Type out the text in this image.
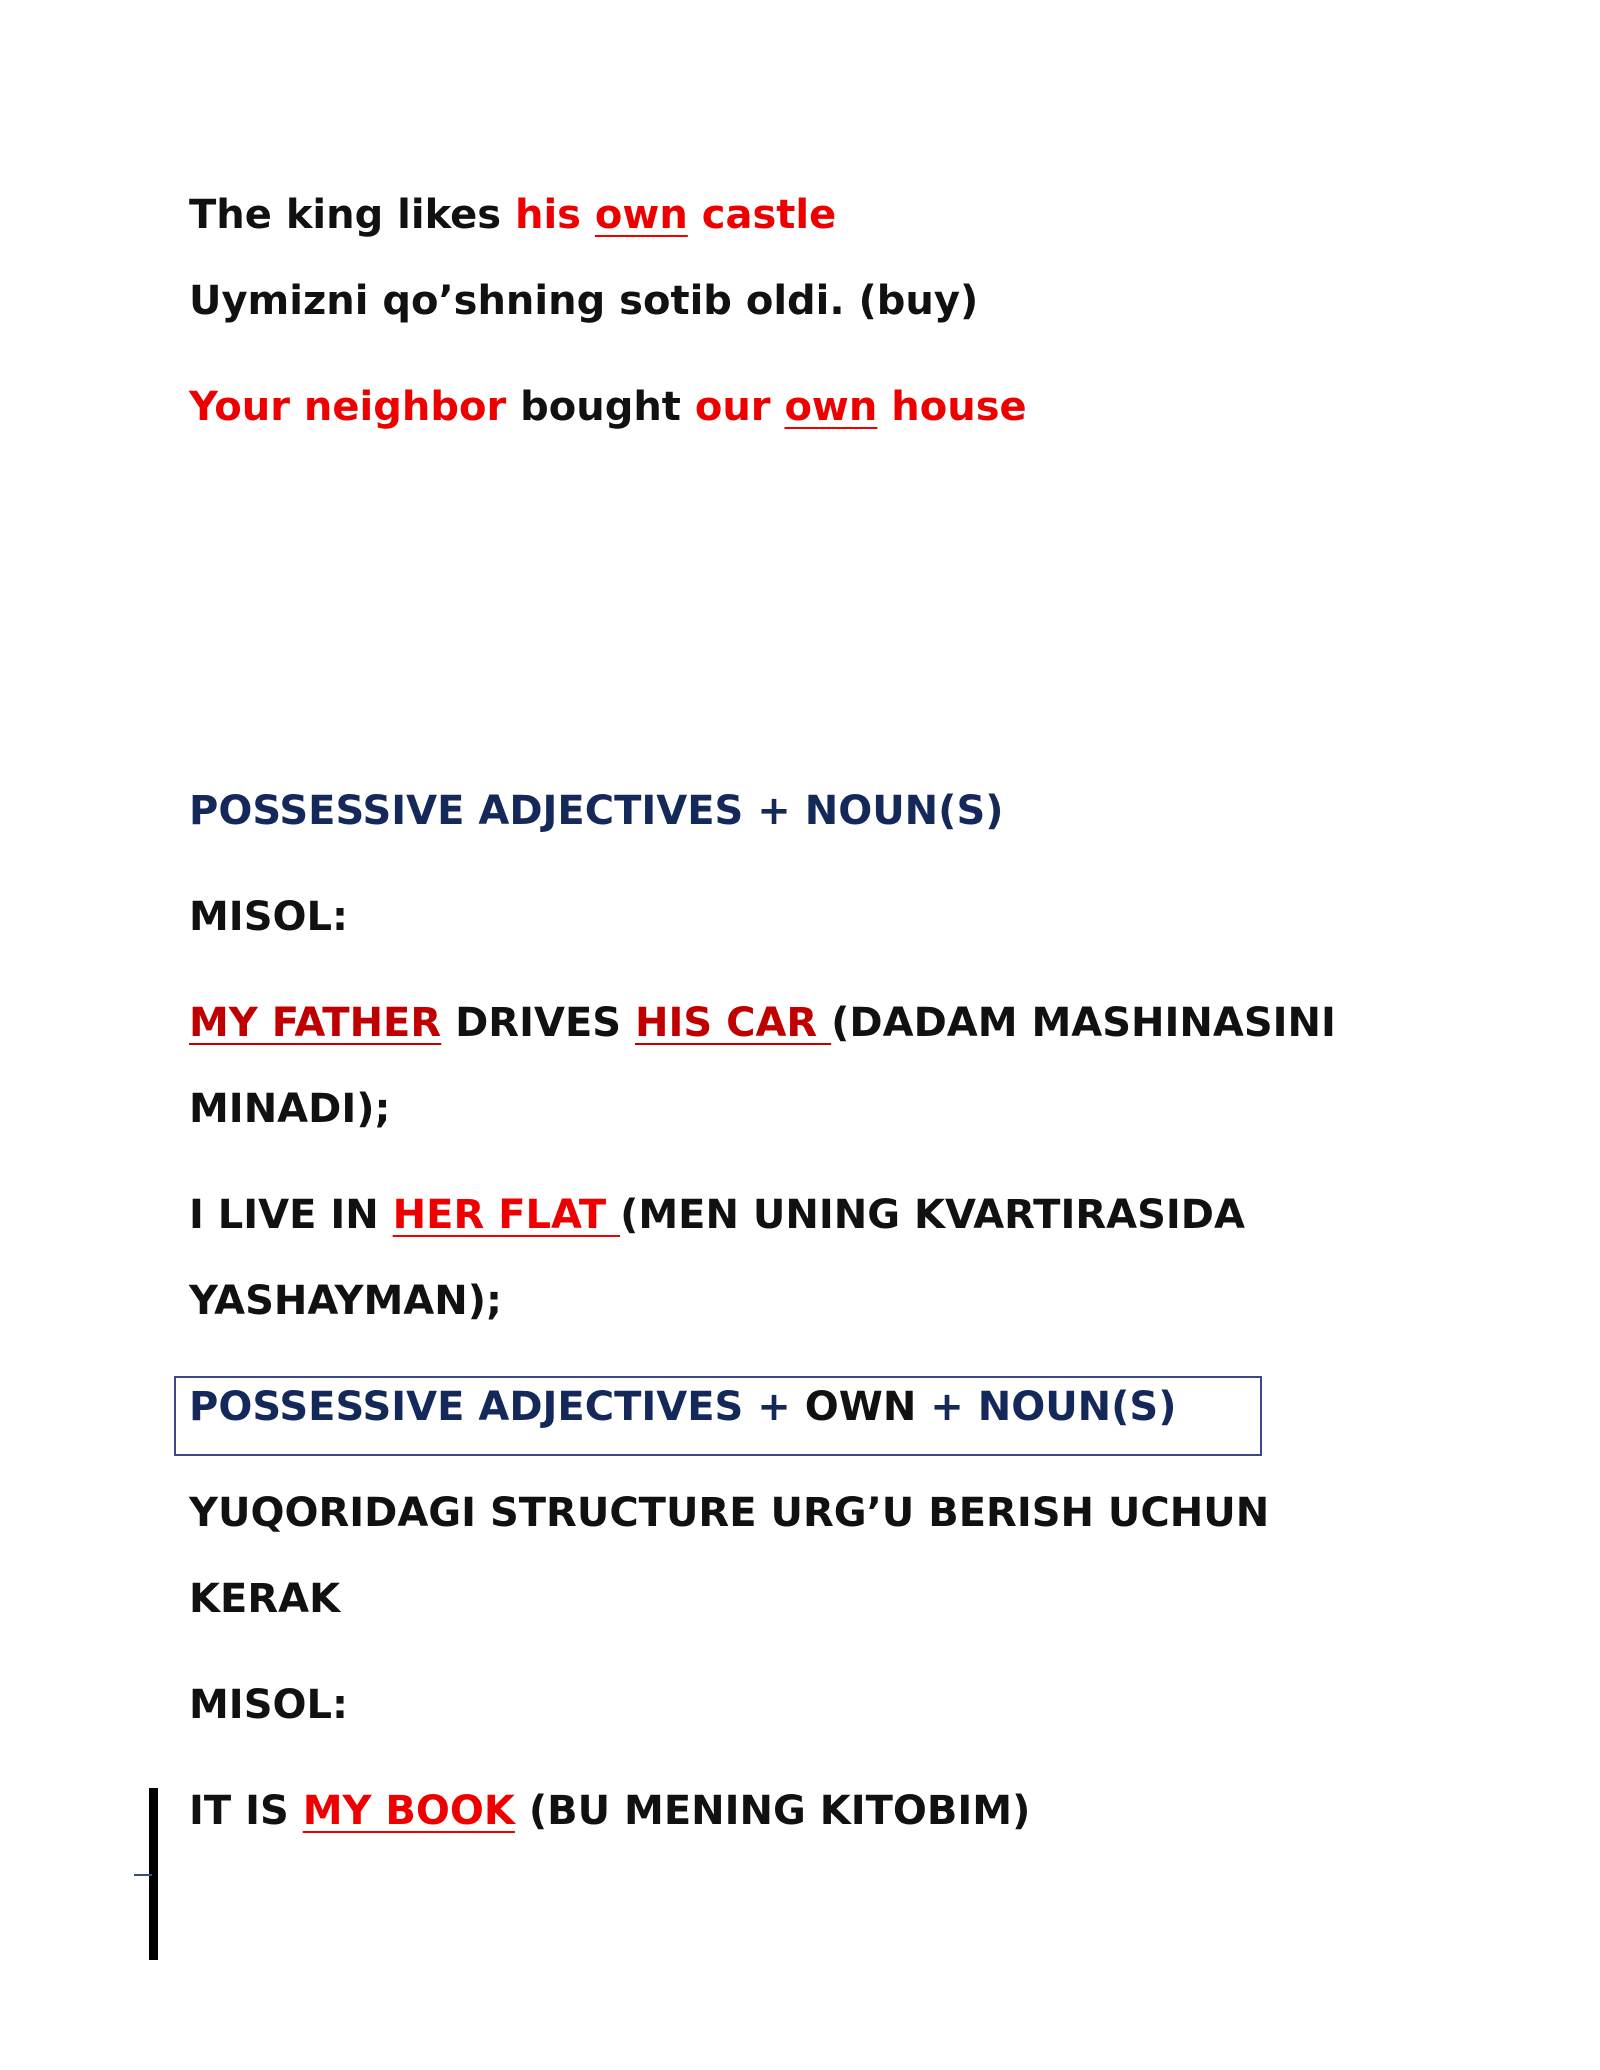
The king likes his own castle
Uymizni qo’shning sotib oldi. (buy)
Your neighbor bought our own house
POSSESSIVE ADJECTIVES + NOUN(S)
MISOL:
MY FATHER DRIVES HIS CAR (DADAM MASHINASINI
MINADI);
I LIVE IN HER FLAT (MEN UNING KVARTIRASIDA
YASHAYMAN);
POSSESSIVE ADJECTIVES + OWN + NOUN(S)
YUQORIDAGI STRUCTURE URG’U BERISH UCHUN
KERAK
MISOL:
IT IS MY BOOK (BU MENING KITOBIM)
